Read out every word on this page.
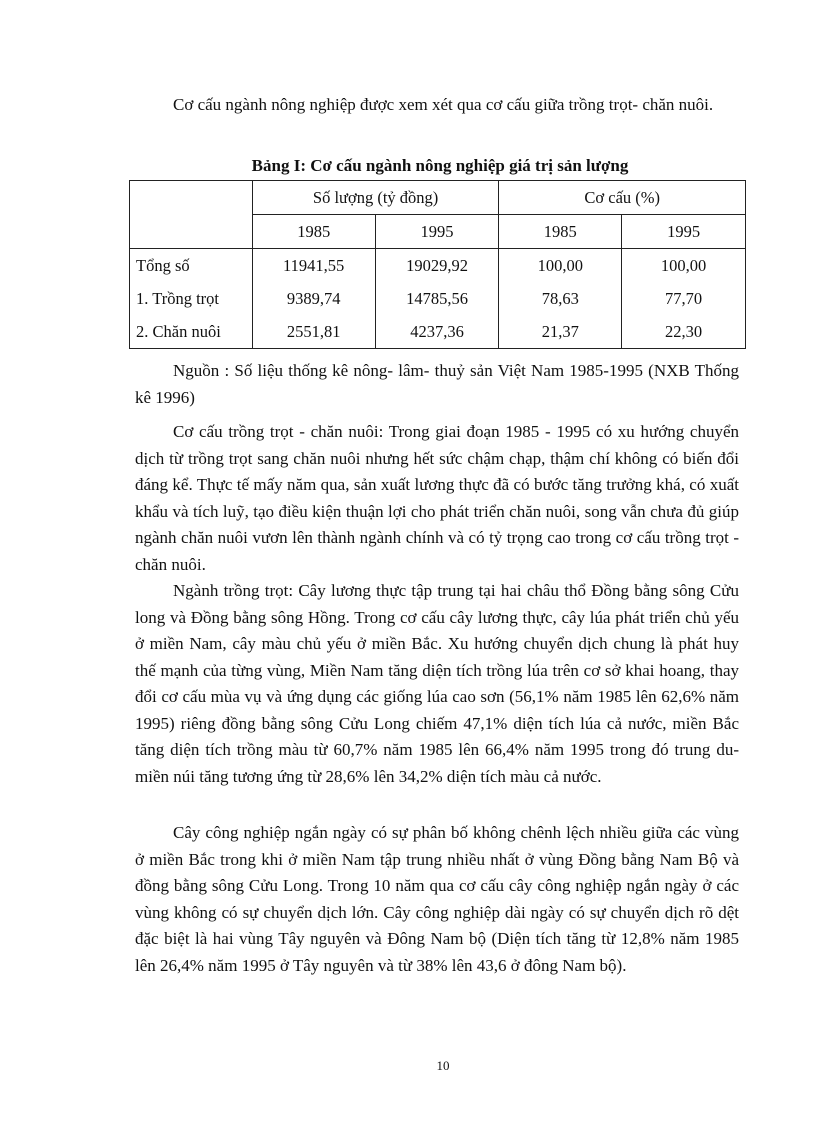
Cơ cấu ngành nông nghiệp được xem xét qua cơ cấu giữa trồng trọt- chăn nuôi.

Bảng I: Cơ cấu ngành nông nghiệp giá trị sản lượng

	Số lượng (tỷ đồng)		Cơ cấu (%)	
	1985	1995	1985	1995
Tổng số	11941,55	19029,92	100,00	100,00
1. Trồng trọt	9389,74	14785,56	78,63	77,70
2. Chăn nuôi	2551,81	4237,36	21,37	22,30

Nguồn : Số liệu thống kê nông- lâm- thuỷ sản Việt Nam 1985-1995 (NXB Thống kê 1996)

Cơ cấu trồng trọt - chăn nuôi: Trong giai đoạn 1985 - 1995 có xu hướng chuyển dịch từ trồng trọt sang chăn nuôi nhưng hết sức chậm chạp, thậm chí không có biến đổi đáng kể. Thực tế mấy năm qua, sản xuất lương thực đã có bước tăng trưởng khá, có xuất khẩu và tích luỹ, tạo điều kiện thuận lợi cho phát triển chăn nuôi, song vẫn chưa đủ giúp ngành chăn nuôi vươn lên thành ngành chính và có tỷ trọng cao trong cơ cấu trồng trọt - chăn nuôi.

Ngành trồng trọt: Cây lương thực tập trung tại hai châu thổ Đồng bằng sông Cửu long và Đồng bằng sông Hồng. Trong cơ cấu cây lương thực, cây lúa phát triển chủ yếu ở miền Nam, cây màu chủ yếu ở miền Bắc. Xu hướng chuyển dịch chung là phát huy thế mạnh của từng vùng, Miền Nam tăng diện tích trồng lúa trên cơ sở khai hoang, thay đổi cơ cấu mùa vụ và ứng dụng các giống lúa cao sơn (56,1% năm 1985 lên 62,6% năm 1995) riêng đồng bằng sông Cửu Long chiếm 47,1% diện tích lúa cả nước, miền Bắc tăng diện tích trồng màu từ 60,7% năm 1985 lên 66,4% năm 1995 trong đó trung du- miền núi tăng tương ứng từ 28,6% lên 34,2% diện tích màu cả nước.

Cây công nghiệp ngắn ngày có sự phân bố không chênh lệch nhiều giữa các vùng ở miền Bắc trong khi ở miền Nam tập trung nhiều nhất ở vùng Đồng bằng Nam Bộ và đồng bằng sông Cửu Long. Trong 10 năm qua cơ cấu cây công nghiệp ngắn ngày ở các vùng không có sự chuyển dịch lớn. Cây công nghiệp dài ngày có sự chuyển dịch rõ dệt đặc biệt là hai vùng Tây nguyên và Đông Nam bộ (Diện tích tăng từ 12,8% năm 1985 lên 26,4% năm 1995 ở Tây nguyên và từ 38% lên 43,6 ở đông Nam bộ).

10
